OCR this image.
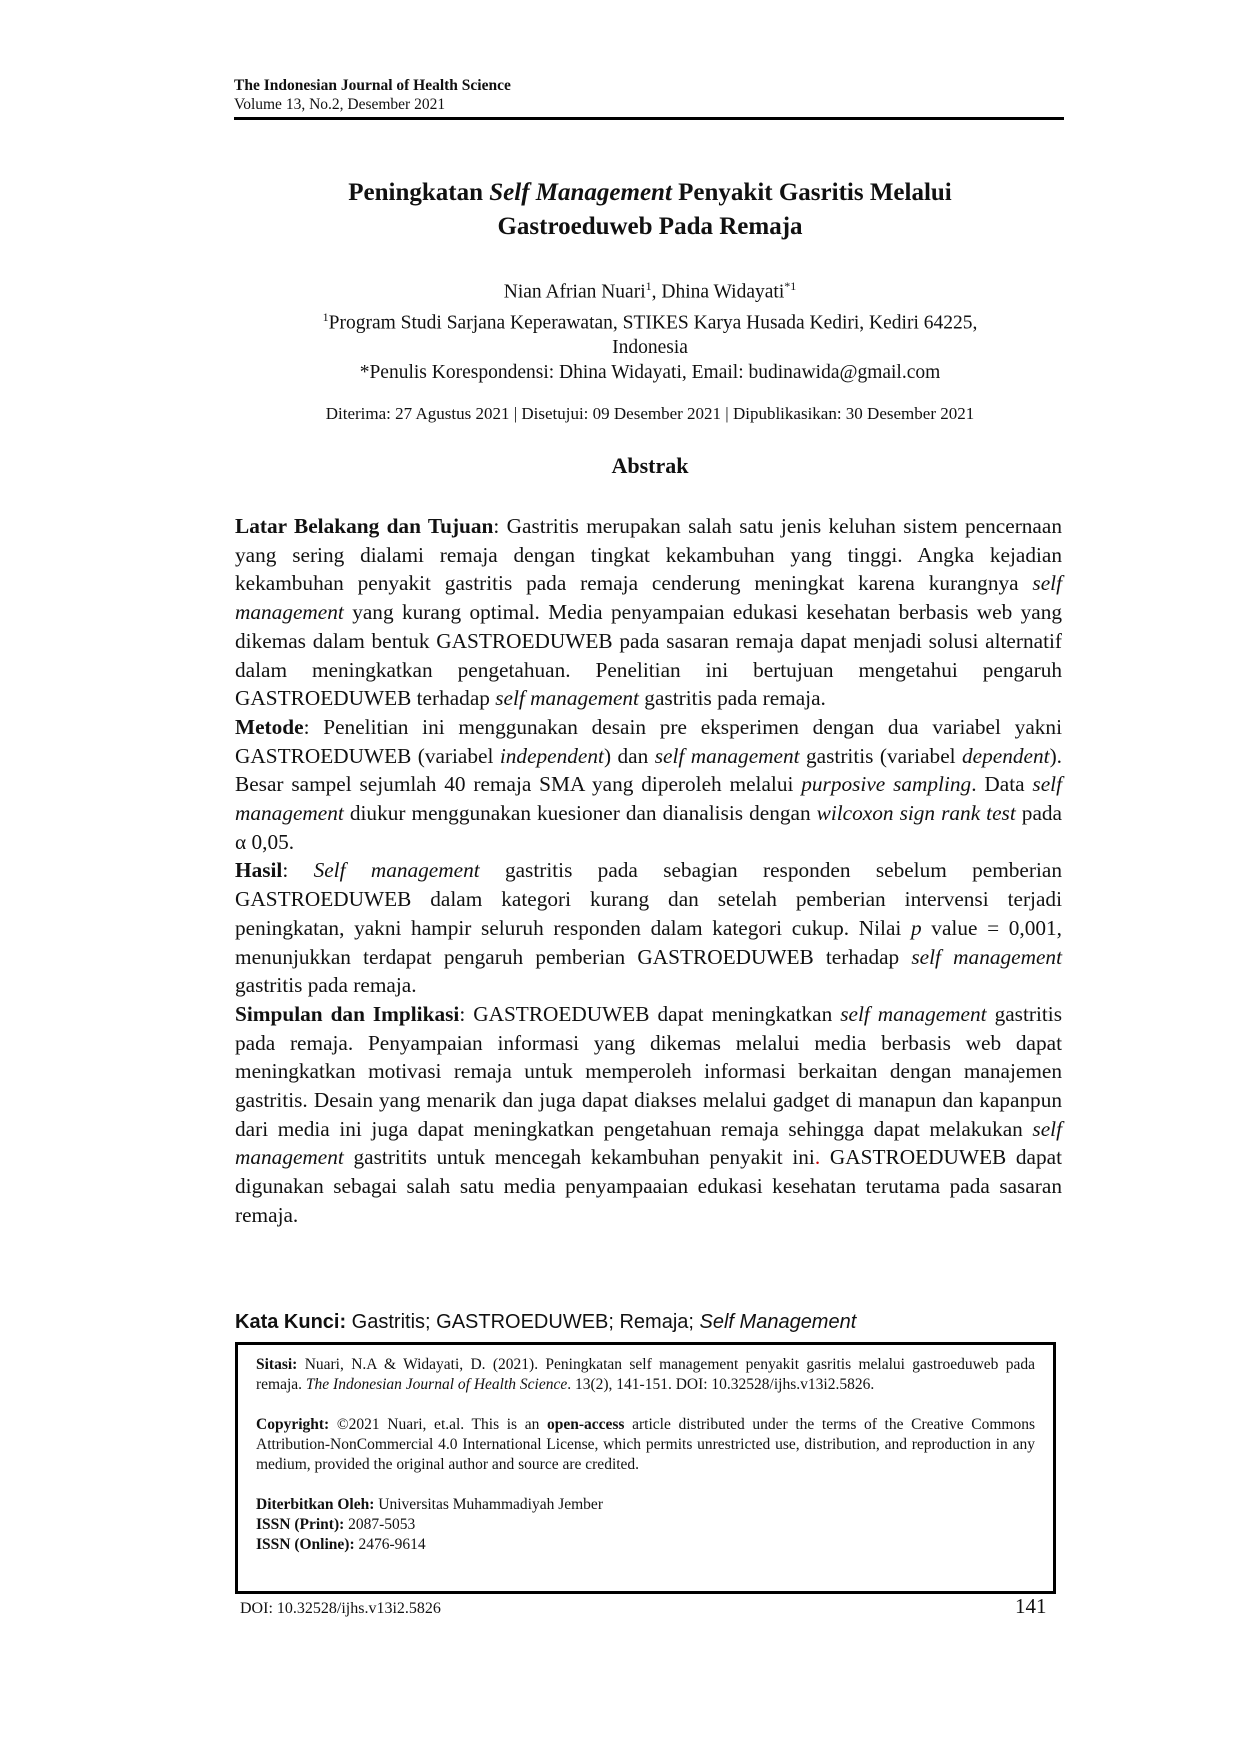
The Indonesian Journal of Health Science
Volume 13, No.2, Desember 2021
Peningkatan Self Management Penyakit Gasritis Melalui
Gastroeduweb Pada Remaja
Nian Afrian Nuari$^1$, Dhina Widayati$^{*1}$
$^1$Program Studi Sarjana Keperawatan, STIKES Karya Husada Kediri, Kediri 64225,
Indonesia
*Penulis Korespondensi: Dhina Widayati, Email: budinawida@gmail.com
Diterima: 27 Agustus 2021 | Disetujui: 09 Desember 2021 | Dipublikasikan: 30 Desember 2021
Abstrak

Latar Belakang dan Tujuan: Gastritis merupakan salah satu jenis keluhan sistem pencernaan yang sering dialami remaja dengan tingkat kekambuhan yang tinggi. Angka kejadian kekambuhan penyakit gastritis pada remaja cenderung meningkat karena kurangnya self management yang kurang optimal. Media penyampaian edukasi kesehatan berbasis web yang dikemas dalam bentuk GASTROEDUWEB pada sasaran remaja dapat menjadi solusi alternatif dalam meningkatkan pengetahuan. Penelitian ini bertujuan mengetahui pengaruh GASTROEDUWEB terhadap self management gastritis pada remaja.

Metode: Penelitian ini menggunakan desain pre eksperimen dengan dua variabel yakni GASTROEDUWEB (variabel independent) dan self management gastritis (variabel dependent). Besar sampel sejumlah 40 remaja SMA yang diperoleh melalui purposive sampling. Data self management diukur menggunakan kuesioner dan dianalisis dengan wilcoxon sign rank test pada α 0,05.

Hasil: Self management gastritis pada sebagian responden sebelum pemberian GASTROEDUWEB dalam kategori kurang dan setelah pemberian intervensi terjadi peningkatan, yakni hampir seluruh responden dalam kategori cukup. Nilai p value = 0,001, menunjukkan terdapat pengaruh pemberian GASTROEDUWEB terhadap self management gastritis pada remaja.

Simpulan dan Implikasi: GASTROEDUWEB dapat meningkatkan self management gastritis pada remaja. Penyampaian informasi yang dikemas melalui media berbasis web dapat meningkatkan motivasi remaja untuk memperoleh informasi berkaitan dengan manajemen gastritis. Desain yang menarik dan juga dapat diakses melalui gadget di manapun dan kapanpun dari media ini juga dapat meningkatkan pengetahuan remaja sehingga dapat melakukan self management gastritits untuk mencegah kekambuhan penyakit ini. GASTROEDUWEB dapat digunakan sebagai salah satu media penyampaaian edukasi kesehatan terutama pada sasaran remaja.

Kata Kunci: Gastritis; GASTROEDUWEB; Remaja; Self Management

Sitasi: Nuari, N.A & Widayati, D. (2021). Peningkatan self management penyakit gasritis melalui gastroeduweb pada remaja. The Indonesian Journal of Health Science. 13(2), 141-151. DOI: 10.32528/ijhs.v13i2.5826.

Copyright: ©2021 Nuari, et.al. This is an open-access article distributed under the terms of the Creative Commons Attribution-NonCommercial 4.0 International License, which permits unrestricted use, distribution, and reproduction in any medium, provided the original author and source are credited.

Diterbitkan Oleh: Universitas Muhammadiyah Jember

ISSN (Print): 2087-5053

ISSN (Online): 2476-9614

DOI: 10.32528/ijhs.v13i2.5826	141
